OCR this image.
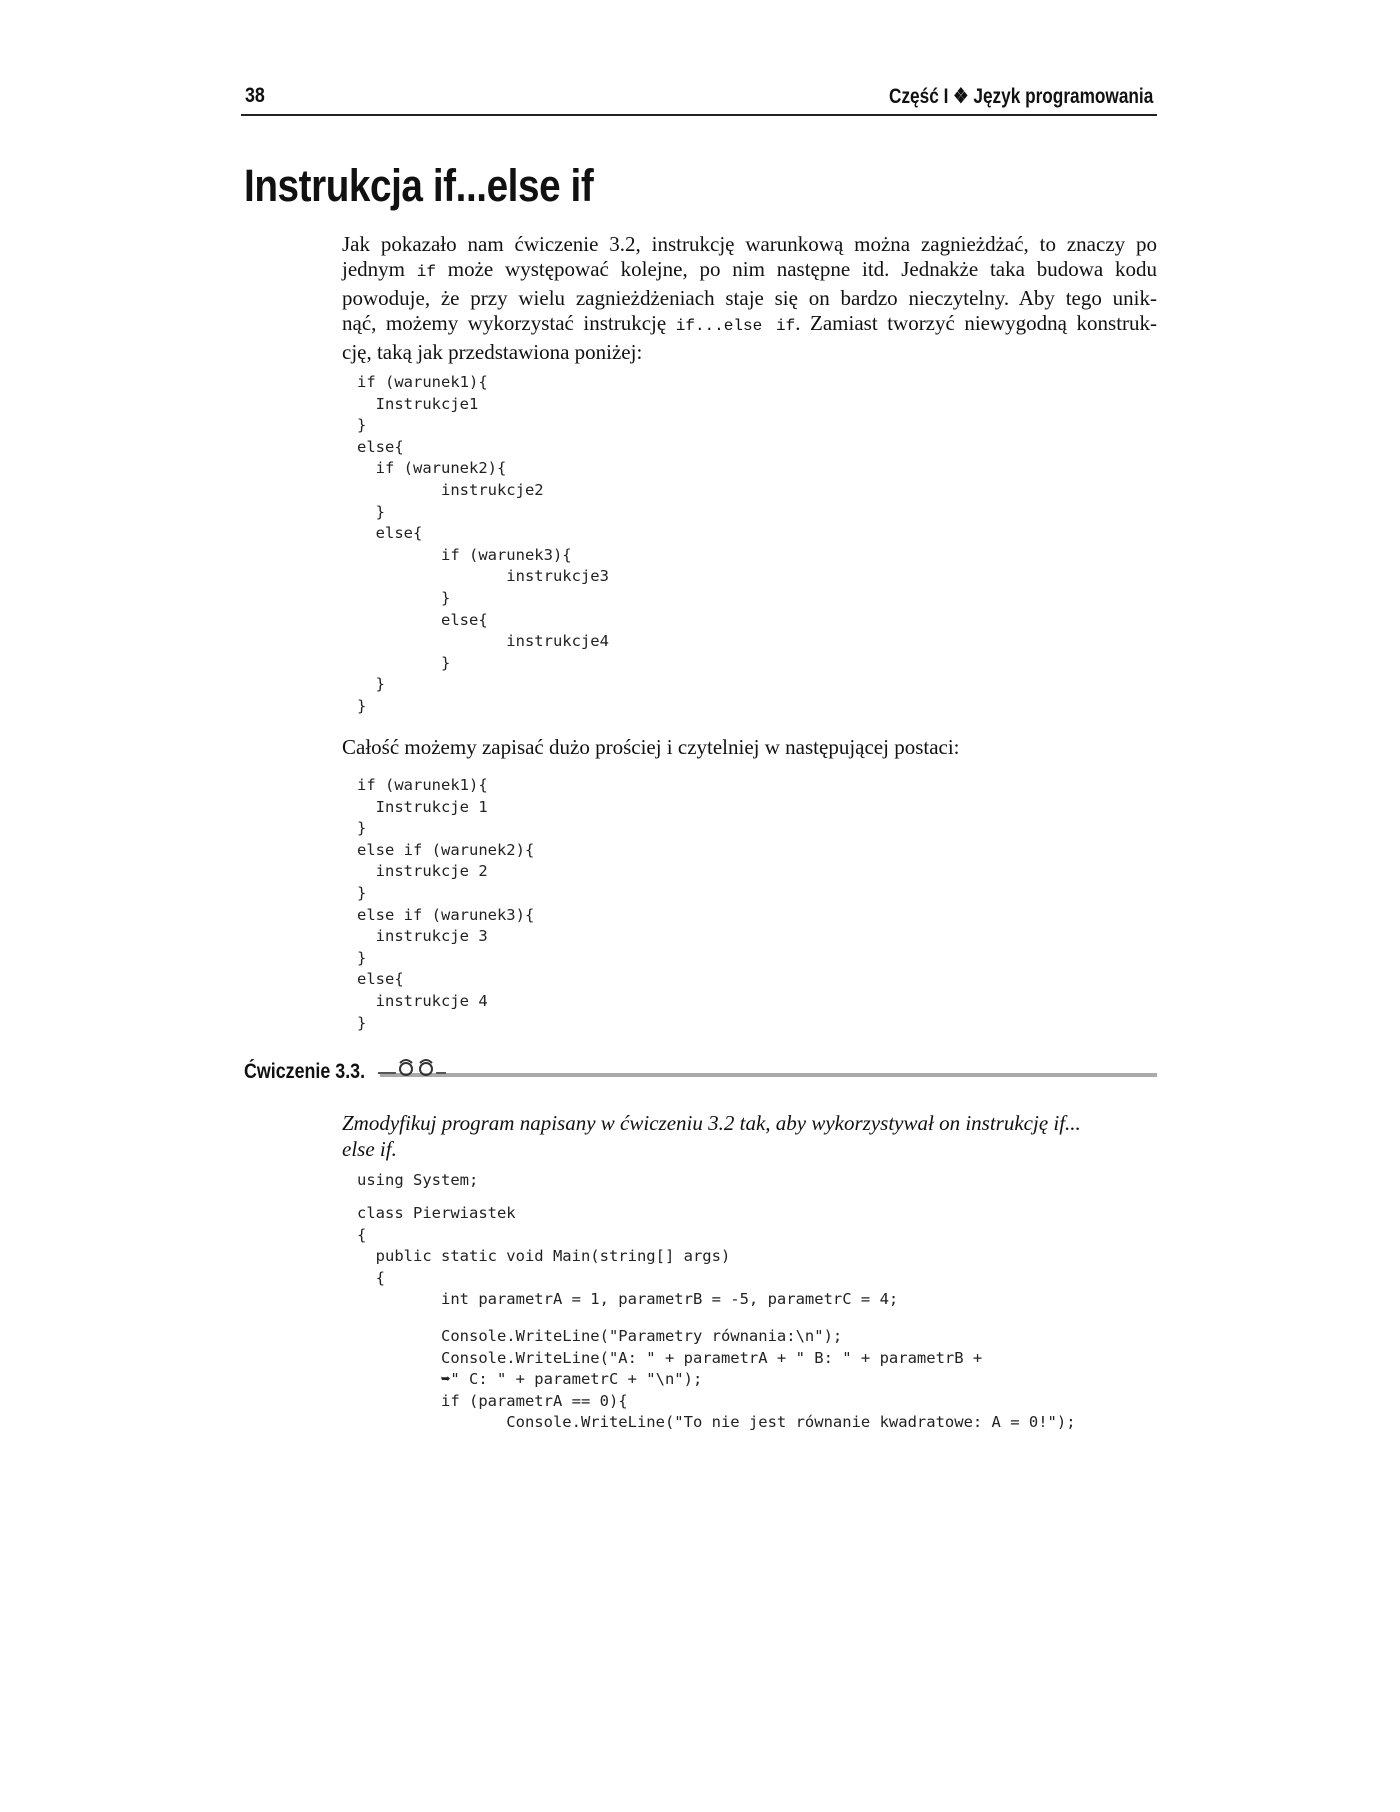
38	Część I ❖ Język programowania
Instrukcja if...else if
Jak pokazało nam ćwiczenie 3.2, instrukcję warunkową można zagnieżdżać, to znaczy po
jednym if może występować kolejne, po nim następne itd. Jednakże taka budowa kodu
powoduje, że przy wielu zagnieżdżeniach staje się on bardzo nieczytelny. Aby tego unik-
nąć, możemy wykorzystać instrukcję if...else if. Zamiast tworzyć niewygodną konstruk-
cję, taką jak przedstawiona poniżej:
if (warunek1){
Instrukcje1
}
else{
if (warunek2){
instrukcje2
}
else{
if (warunek3){
instrukcje3
}
else{
instrukcje4
}
}
}
Całość możemy zapisać dużo prościej i czytelniej w następującej postaci:
if (warunek1){
Instrukcje 1
}
else if (warunek2){
instrukcje 2
}
else if (warunek3){
instrukcje 3
}
else{
instrukcje 4
}
Ćwiczenie 3.3.
Zmodyfikuj program napisany w ćwiczeniu 3.2 tak, aby wykorzystywał on instrukcję if...
else if.
using System;
class Pierwiastek
{
public static void Main(string[] args)
{
int parametrA = 1, parametrB = -5, parametrC = 4;
Console.WriteLine("Parametry równania:\n");
Console.WriteLine("A: " + parametrA + " B: " + parametrB +
➥" C: " + parametrC + "\n");
if (parametrA == 0){
Console.WriteLine("To nie jest równanie kwadratowe: A = 0!");
